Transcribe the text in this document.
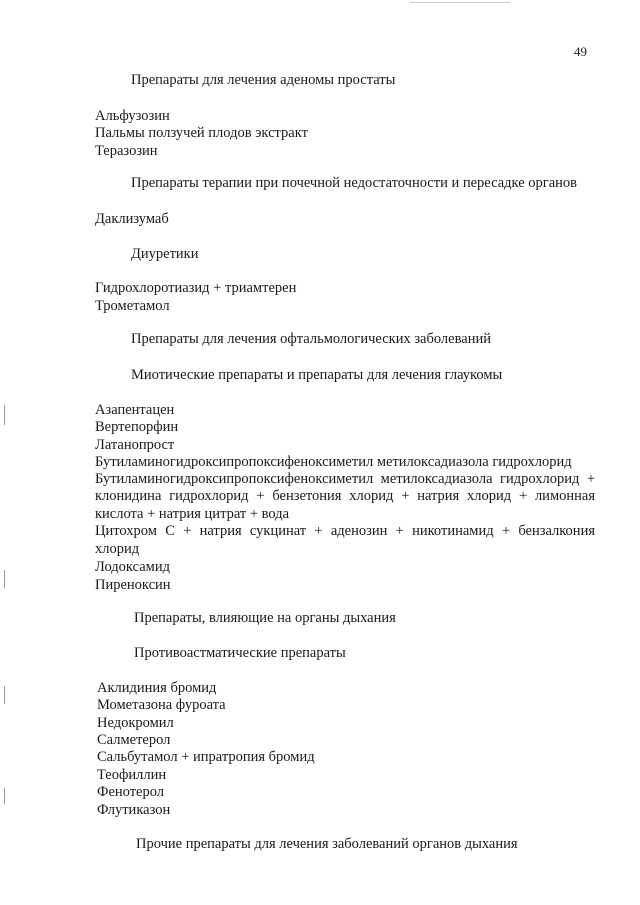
49
Препараты для лечения аденомы простаты
Альфузозин
Пальмы ползучей плодов экстракт
Теразозин
Препараты терапии при почечной недостаточности и пересадке органов
Даклизумаб
Диуретики
Гидрохлоротиазид + триамтерен
Трометамол
Препараты для лечения офтальмологических заболеваний
Миотические препараты и препараты для лечения глаукомы
Азапентацен
Вертепорфин
Латанопрост
Бутиламиногидроксипропоксифеноксиметил метилоксадиазола гидрохлорид
Бутиламиногидроксипропоксифеноксиметил метилоксадиазола гидрохлорид + клонидина гидрохлорид + бензетония хлорид + натрия хлорид + лимонная кислота + натрия цитрат + вода
Цитохром С + натрия сукцинат + аденозин + никотинамид + бензалкония хлорид
Лодоксамид
Пиреноксин
Препараты, влияющие на органы дыхания
Противоастматические препараты
Аклидиния бромид
Мометазона фуроата
Недокромил
Салметерол
Сальбутамол + ипратропия бромид
Теофиллин
Фенотерол
Флутиказон
Прочие препараты для лечения заболеваний органов дыхания
